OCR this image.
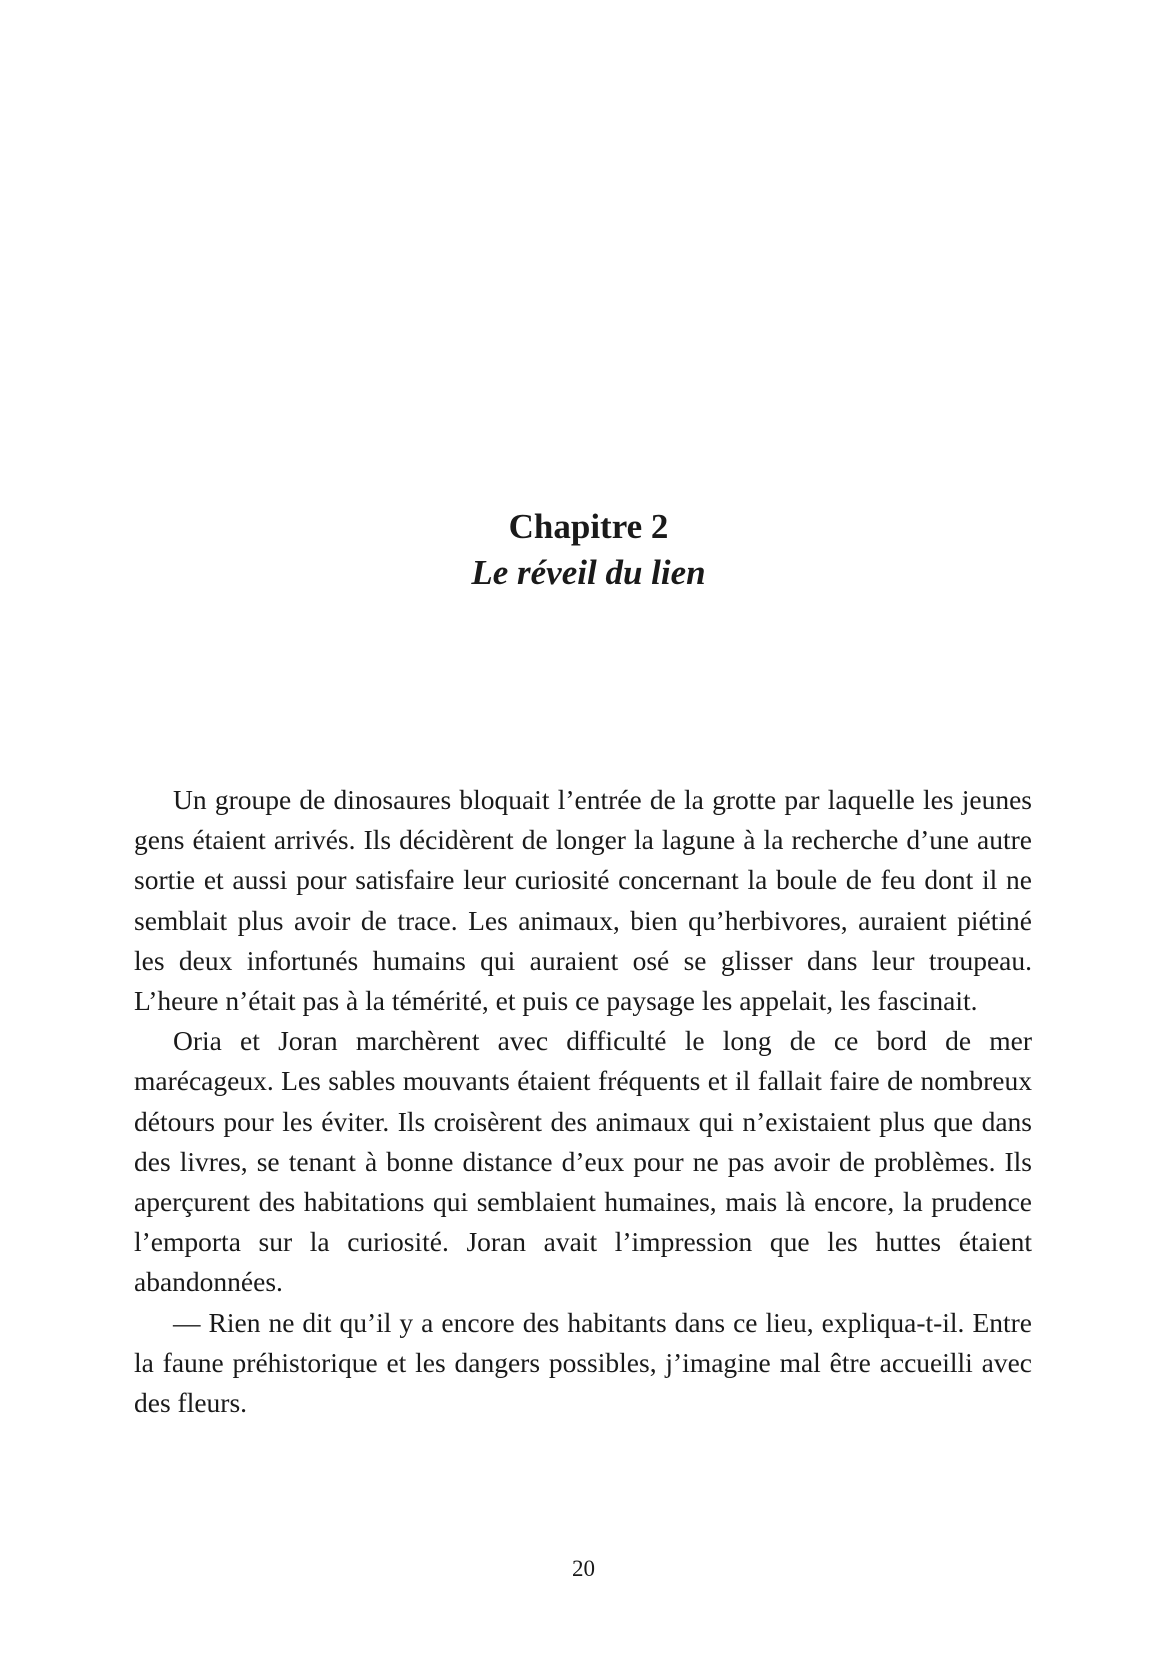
Chapitre 2
Le réveil du lien

Un groupe de dinosaures bloquait l’entrée de la grotte par laquelle les jeunes gens étaient arrivés. Ils décidèrent de longer la lagune à la recherche d’une autre sortie et aussi pour satisfaire leur curiosité concernant la boule de feu dont il ne semblait plus avoir de trace. Les animaux, bien qu’herbivores, auraient piétiné les deux infortunés humains qui auraient osé se glisser dans leur troupeau. L’heure n’était pas à la témérité, et puis ce paysage les appelait, les fascinait.

Oria et Joran marchèrent avec difficulté le long de ce bord de mer marécageux. Les sables mouvants étaient fréquents et il fallait faire de nombreux détours pour les éviter. Ils croisèrent des animaux qui n’existaient plus que dans des livres, se tenant à bonne distance d’eux pour ne pas avoir de problèmes. Ils aperçurent des habitations qui semblaient humaines, mais là encore, la prudence l’emporta sur la curiosité. Joran avait l’impression que les huttes étaient abandonnées.

— Rien ne dit qu’il y a encore des habitants dans ce lieu, expliqua-t-il. Entre la faune préhistorique et les dangers possibles, j’imagine mal être accueilli avec des fleurs.

20
